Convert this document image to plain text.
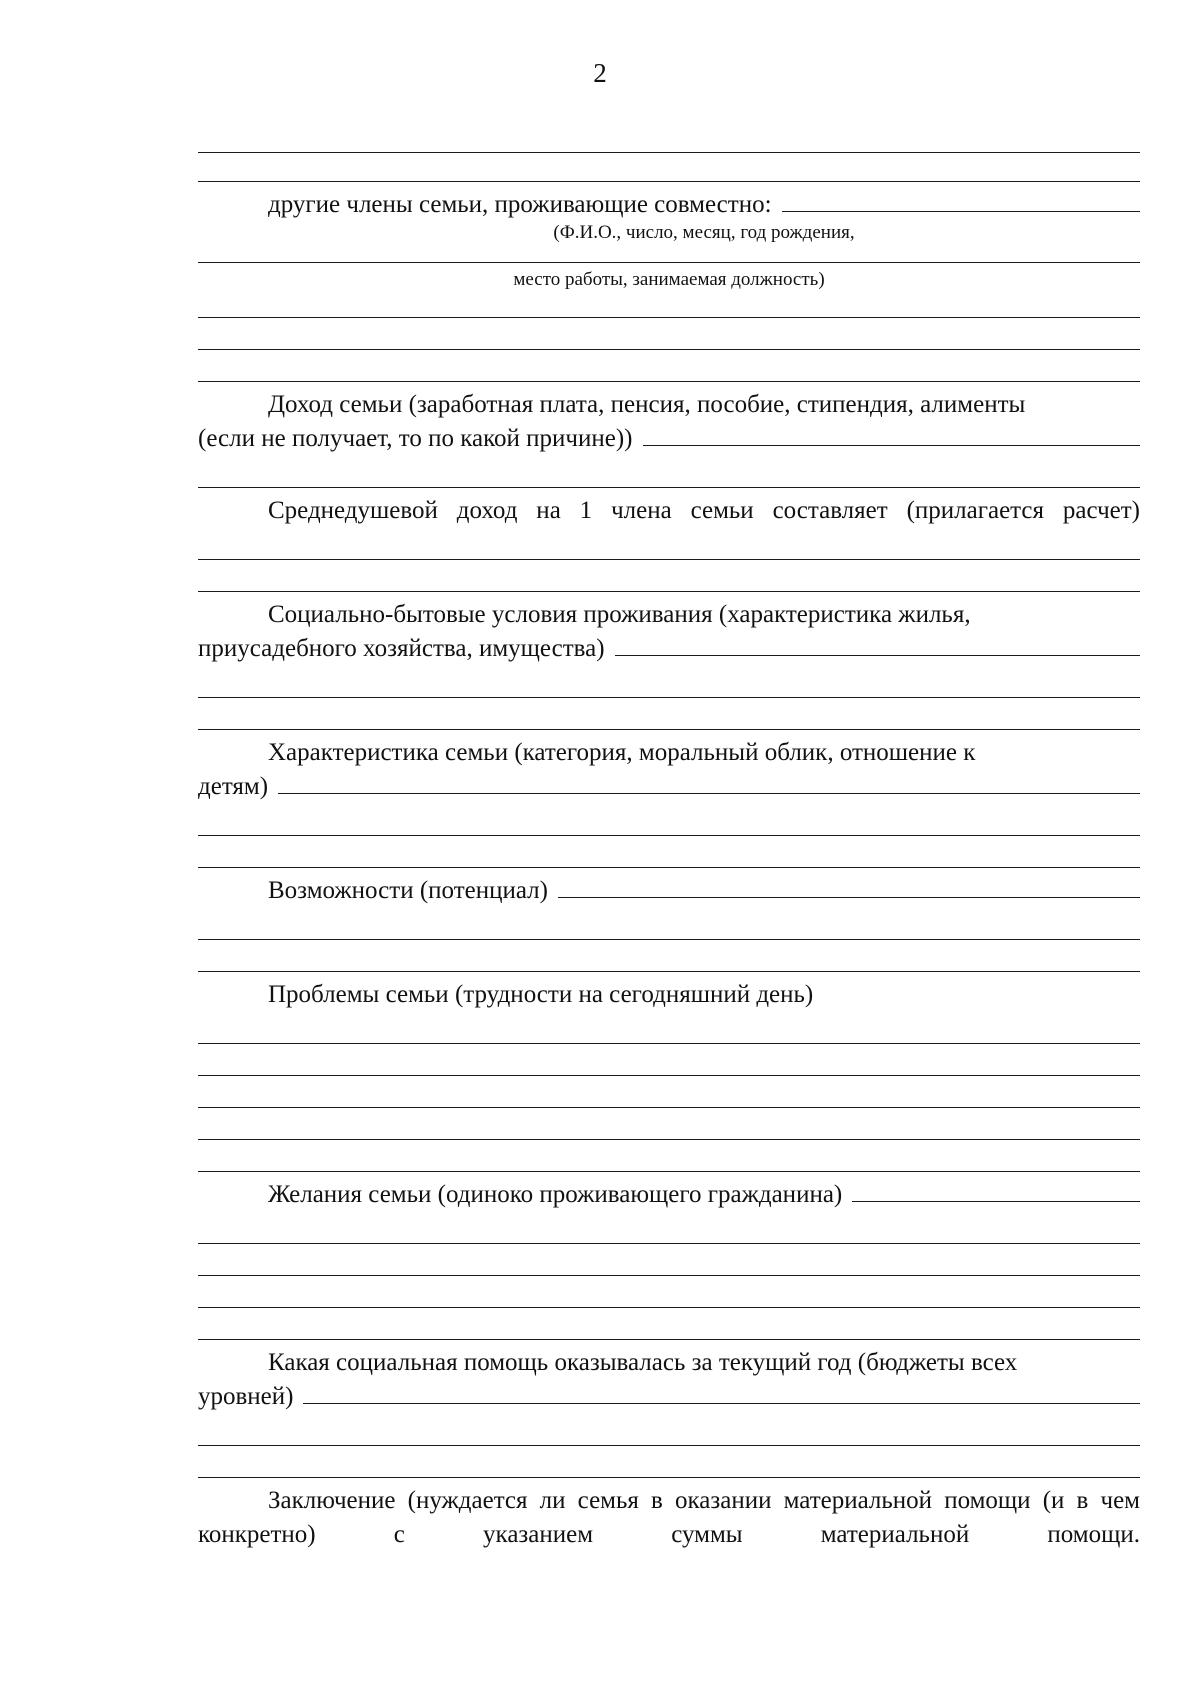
2
другие члены семьи, проживающие совместно:
(Ф.И.О., число, месяц, год рождения,
место работы, занимаемая должность)
Доход семьи (заработная плата, пенсия, пособие, стипендия, алименты
(если не получает, то по какой причине))
Среднедушевой доход на 1 члена семьи составляет (прилагается расчет)
Социально-бытовые условия проживания (характеристика жилья,
приусадебного хозяйства, имущества)
Характеристика семьи (категория, моральный облик, отношение к
детям)
Возможности (потенциал)
Проблемы семьи (трудности на сегодняшний день)
Желания семьи (одиноко проживающего гражданина)
Какая социальная помощь оказывалась за текущий год (бюджеты всех
уровней)
Заключение (нуждается ли семья в оказании материальной помощи (и в чем конкретно) с указанием суммы материальной помощи.
